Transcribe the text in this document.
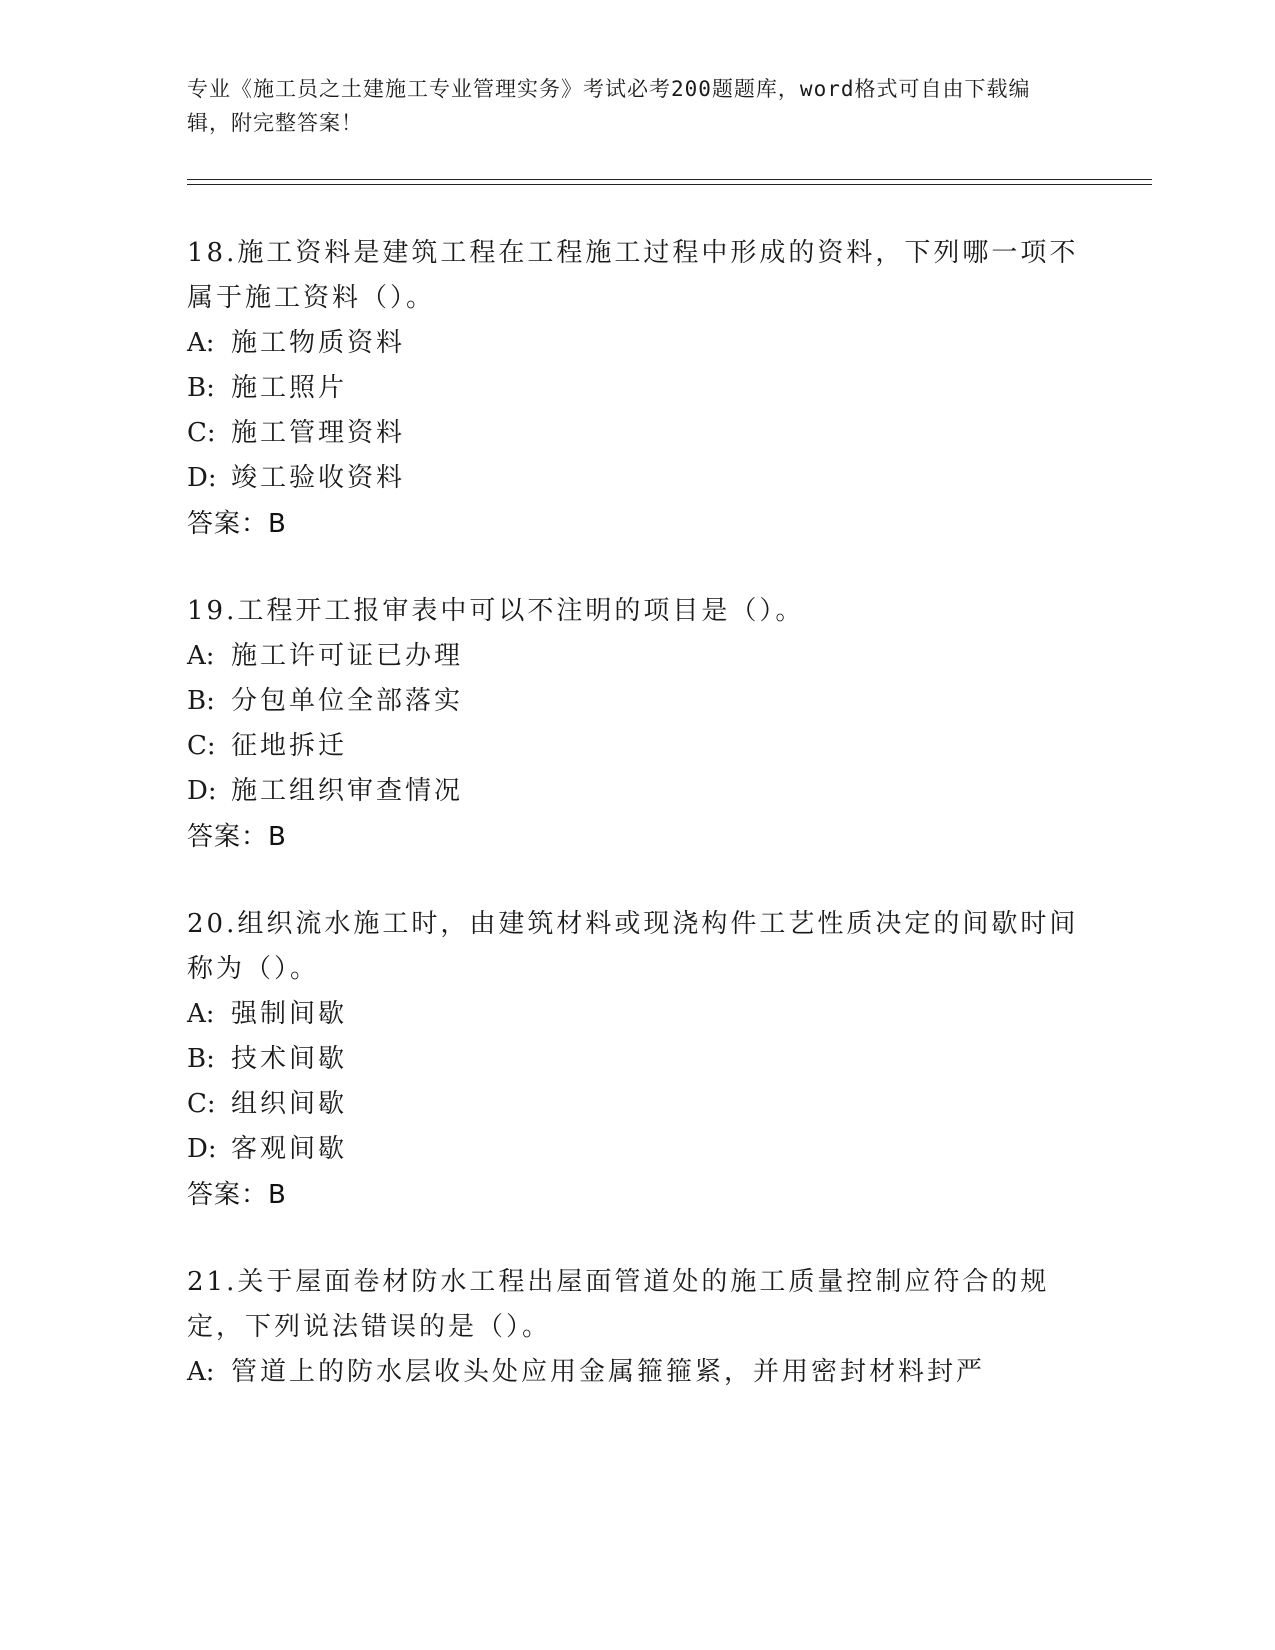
专业《施工员之土建施工专业管理实务》考试必考200题题库，word格式可自由下载编辑，附完整答案！
18.施工资料是建筑工程在工程施工过程中形成的资料，下列哪一项不属于施工资料（）。
A: 施工物质资料
B: 施工照片
C: 施工管理资料
D: 竣工验收资料
答案：B
19.工程开工报审表中可以不注明的项目是（）。
A: 施工许可证已办理
B: 分包单位全部落实
C: 征地拆迁
D: 施工组织审查情况
答案：B
20.组织流水施工时，由建筑材料或现浇构件工艺性质决定的间歇时间称为（）。
A: 强制间歇
B: 技术间歇
C: 组织间歇
D: 客观间歇
答案：B
21.关于屋面卷材防水工程出屋面管道处的施工质量控制应符合的规定，下列说法错误的是（）。
A: 管道上的防水层收头处应用金属箍箍紧，并用密封材料封严
